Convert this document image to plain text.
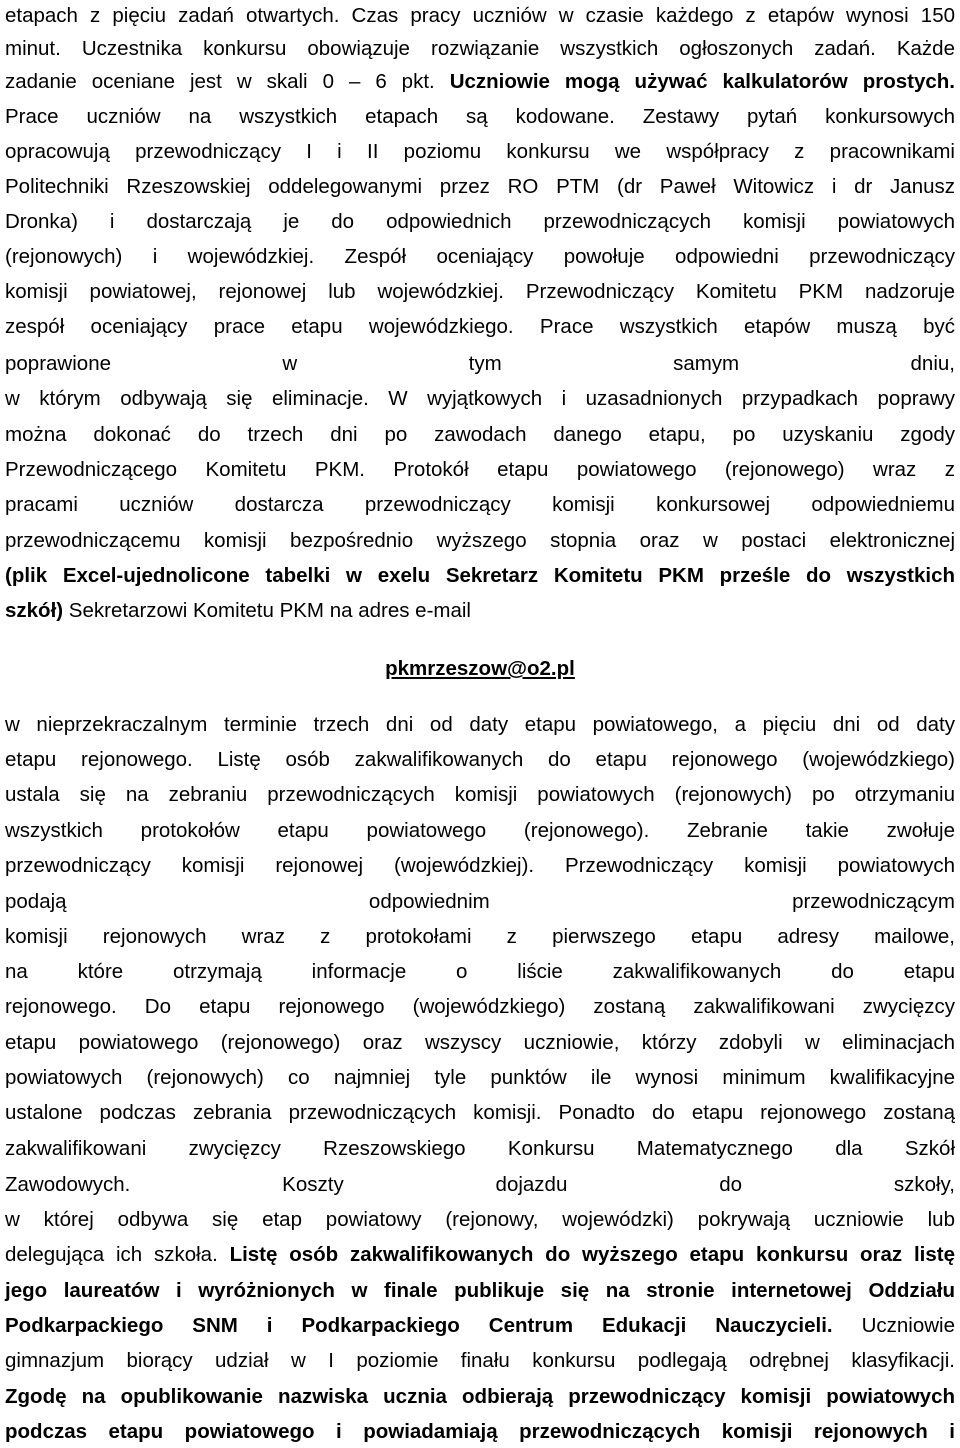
etapach z pięciu zadań otwartych. Czas pracy uczniów w czasie każdego z etapów wynosi 150
minut. Uczestnika konkursu obowiązuje rozwiązanie wszystkich ogłoszonych zadań. Każde
zadanie oceniane jest w skali 0 – 6 pkt. Uczniowie mogą używać kalkulatorów prostych.
Prace uczniów na wszystkich etapach są kodowane. Zestawy pytań konkursowych
opracowują przewodniczący I i II poziomu konkursu we współpracy z pracownikami
Politechniki Rzeszowskiej oddelegowanymi przez RO PTM (dr Paweł Witowicz i dr Janusz
Dronka) i dostarczają je do odpowiednich przewodniczących komisji powiatowych
(rejonowych) i wojewódzkiej. Zespół oceniający powołuje odpowiedni przewodniczący
komisji powiatowej, rejonowej lub wojewódzkiej. Przewodniczący Komitetu PKM nadzoruje
zespół oceniający prace etapu wojewódzkiego. Prace wszystkich etapów muszą być
poprawione w tym samym dniu,
w którym odbywają się eliminacje. W wyjątkowych i uzasadnionych przypadkach poprawy
można dokonać do trzech dni po zawodach danego etapu, po uzyskaniu zgody
Przewodniczącego Komitetu PKM. Protokół etapu powiatowego (rejonowego) wraz z
pracami uczniów dostarcza przewodniczący komisji konkursowej odpowiedniemu
przewodniczącemu komisji bezpośrednio wyższego stopnia oraz w postaci elektronicznej
(plik Excel-ujednolicone tabelki w exelu Sekretarz Komitetu PKM prześle do wszystkich
szkół) Sekretarzowi Komitetu PKM na adres e-mail
pkmrzeszow@o2.pl
w nieprzekraczalnym terminie trzech dni od daty etapu powiatowego, a pięciu dni od daty
etapu rejonowego. Listę osób zakwalifikowanych do etapu rejonowego (wojewódzkiego)
ustala się na zebraniu przewodniczących komisji powiatowych (rejonowych) po otrzymaniu
wszystkich protokołów etapu powiatowego (rejonowego). Zebranie takie zwołuje
przewodniczący komisji rejonowej (wojewódzkiej). Przewodniczący komisji powiatowych
podają odpowiednim przewodniczącym
komisji rejonowych wraz z protokołami z pierwszego etapu adresy mailowe,
na które otrzymają informacje o liście zakwalifikowanych do etapu
rejonowego. Do etapu rejonowego (wojewódzkiego) zostaną zakwalifikowani zwycięzcy
etapu powiatowego (rejonowego) oraz wszyscy uczniowie, którzy zdobyli w eliminacjach
powiatowych (rejonowych) co najmniej tyle punktów ile wynosi minimum kwalifikacyjne
ustalone podczas zebrania przewodniczących komisji. Ponadto do etapu rejonowego zostaną
zakwalifikowani zwycięzcy Rzeszowskiego Konkursu Matematycznego dla Szkół
Zawodowych. Koszty dojazdu do szkoły,
w której odbywa się etap powiatowy (rejonowy, wojewódzki) pokrywają uczniowie lub
delegująca ich szkoła. Listę osób zakwalifikowanych do wyższego etapu konkursu oraz listę
jego laureatów i wyróżnionych w finale publikuje się na stronie internetowej Oddziału
Podkarpackiego SNM i Podkarpackiego Centrum Edukacji Nauczycieli. Uczniowie
gimnazjum biorący udział w I poziomie finału konkursu podlegają odrębnej klasyfikacji.
Zgodę na opublikowanie nazwiska ucznia odbierają przewodniczący komisji powiatowych
podczas etapu powiatowego i powiadamiają przewodniczących komisji rejonowych i
